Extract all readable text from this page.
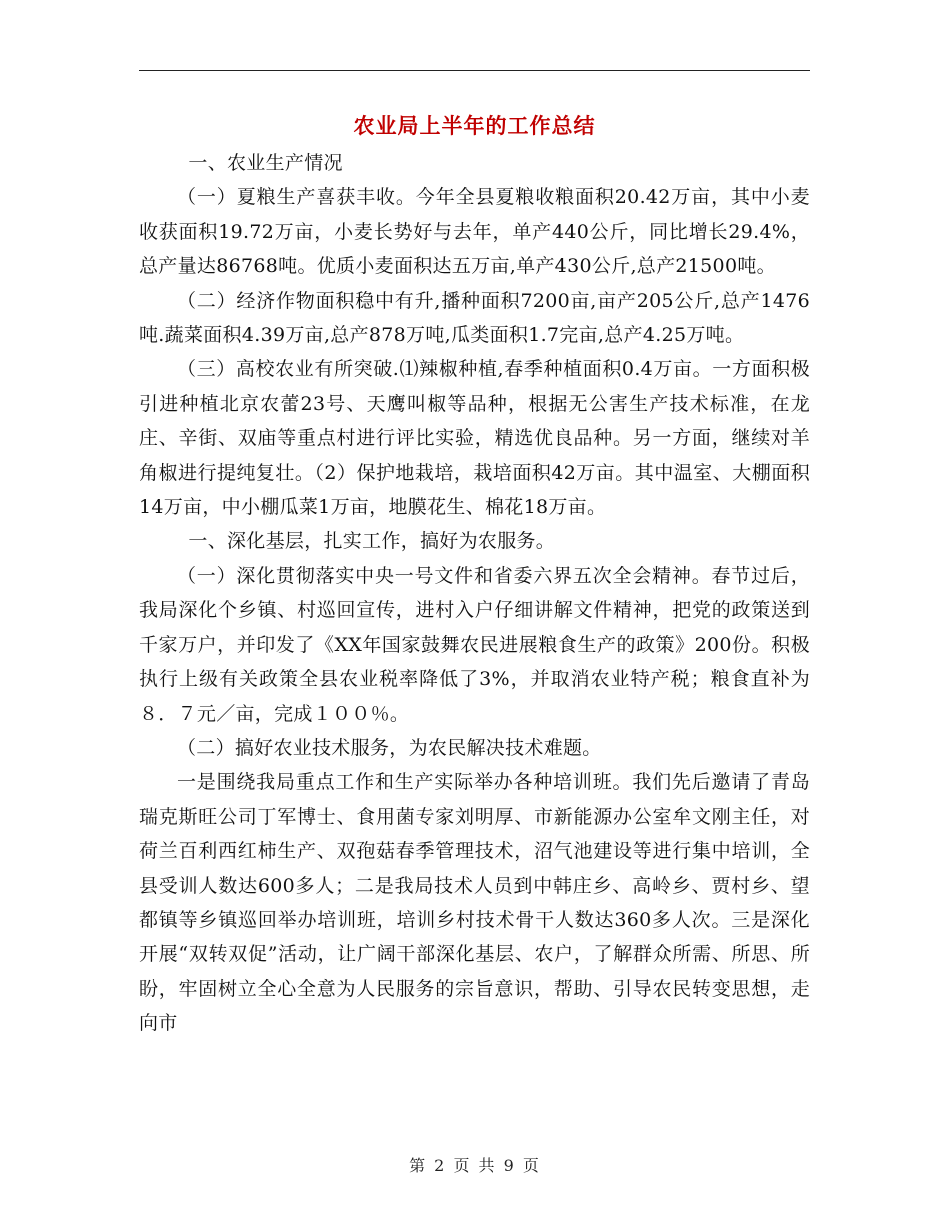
农业局上半年的工作总结

一、农业生产情况

（一）夏粮生产喜获丰收。今年全县夏粮收粮面积20.42万亩，其中小麦收获面积19.72万亩，小麦长势好与去年，单产440公斤，同比增长29.4%，总产量达86768吨。优质小麦面积达五万亩,单产430公斤,总产21500吨。

（二）经济作物面积稳中有升,播种面积7200亩,亩产205公斤,总产1476吨.蔬菜面积4.39万亩,总产878万吨,瓜类面积1.7完亩,总产4.25万吨。

（三）高校农业有所突破.⑴辣椒种植,春季种植面积0.4万亩。一方面积极引进种植北京农蕾23号、天鹰叫椒等品种，根据无公害生产技术标准，在龙庄、辛街、双庙等重点村进行评比实验，精选优良品种。另一方面，继续对羊角椒进行提纯复壮。（2）保护地栽培，栽培面积42万亩。其中温室、大棚面积14万亩，中小棚瓜菜1万亩，地膜花生、棉花18万亩。

一、深化基层，扎实工作，搞好为农服务。

（一）深化贯彻落实中央一号文件和省委六界五次全会精神。春节过后，我局深化个乡镇、村巡回宣传，进村入户仔细讲解文件精神，把党的政策送到千家万户，并印发了《XX年国家鼓舞农民进展粮食生产的政策》200份。积极执行上级有关政策全县农业税率降低了3%，并取消农业特产税；粮食直补为８．７元／亩，完成１００％。

（二）搞好农业技术服务，为农民解决技术难题。

一是围绕我局重点工作和生产实际举办各种培训班。我们先后邀请了青岛瑞克斯旺公司丁军博士、食用菌专家刘明厚、市新能源办公室牟文刚主任，对荷兰百利西红柿生产、双孢菇春季管理技术，沼气池建设等进行集中培训，全县受训人数达600多人；二是我局技术人员到中韩庄乡、高岭乡、贾村乡、望都镇等乡镇巡回举办培训班，培训乡村技术骨干人数达360多人次。三是深化开展“双转双促”活动，让广阔干部深化基层、农户，了解群众所需、所思、所盼，牢固树立全心全意为人民服务的宗旨意识，帮助、引导农民转变思想，走向市

第 2 页 共 9 页
